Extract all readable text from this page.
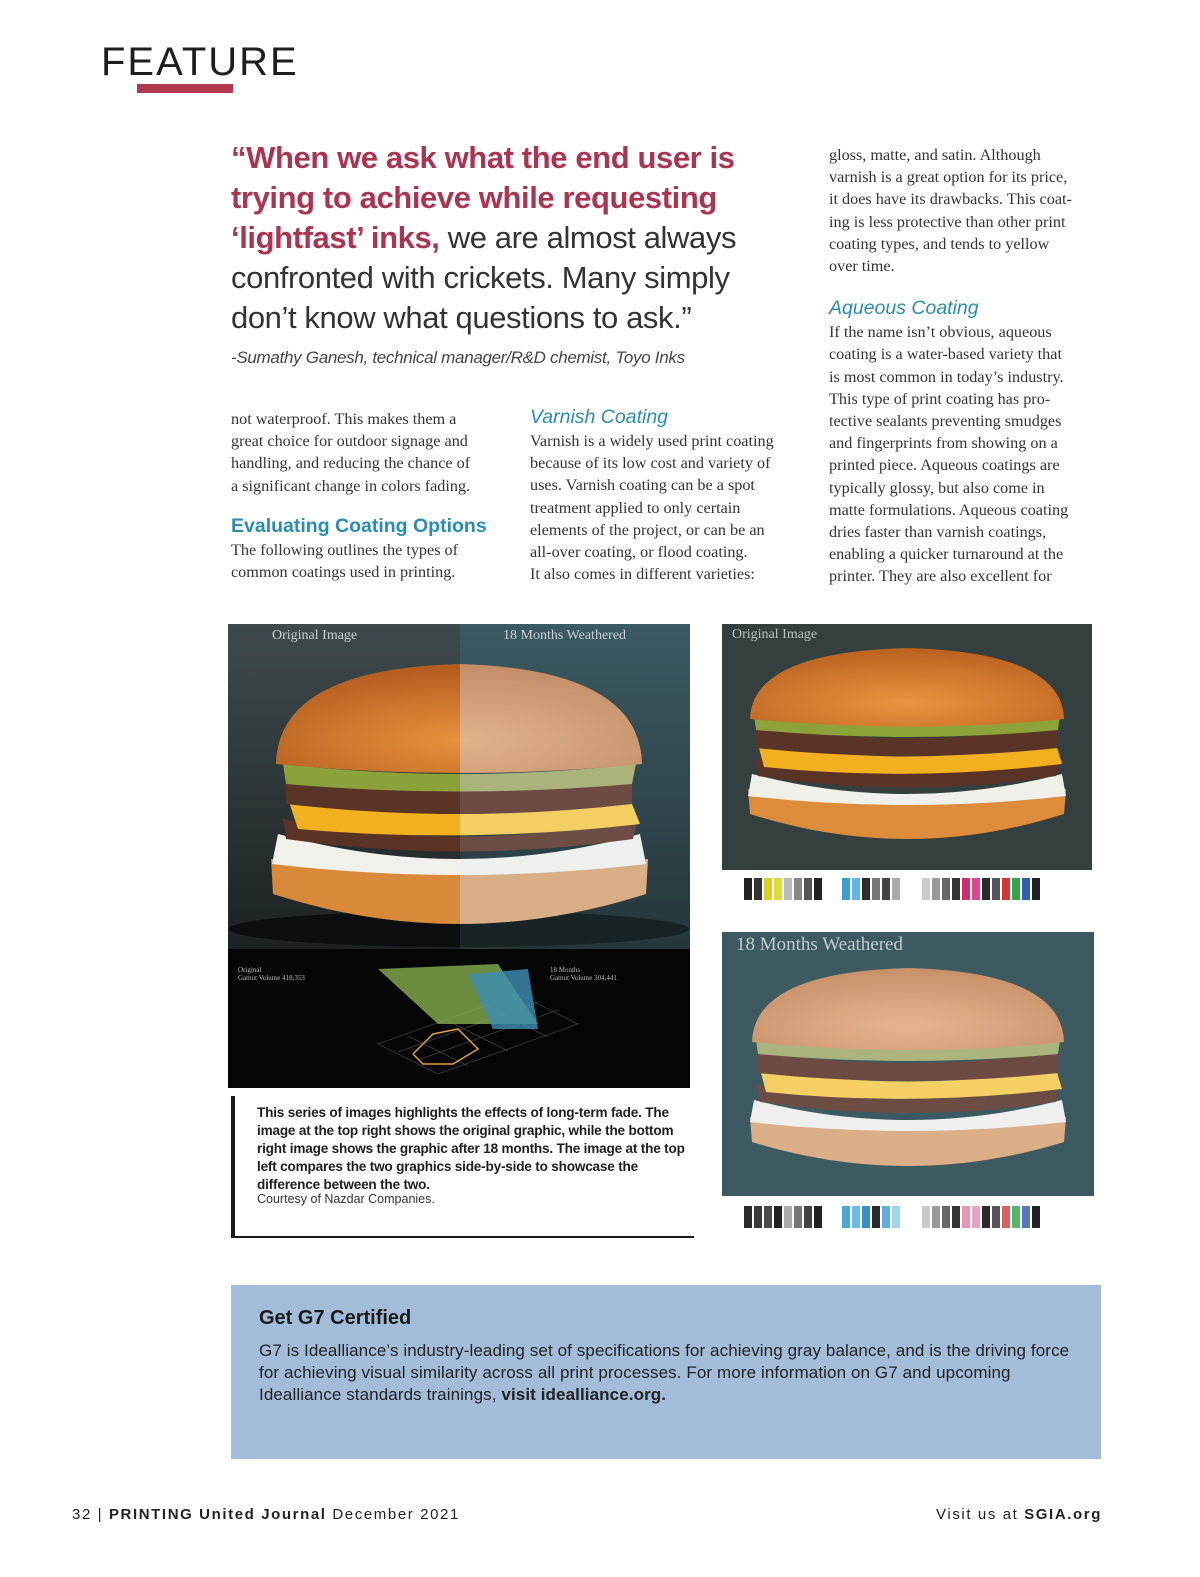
FEATURE
“When we ask what the end user is trying to achieve while requesting ‘lightfast’ inks, we are almost always confronted with crickets. Many simply don’t know what questions to ask.”
-Sumathy Ganesh, technical manager/R&D chemist, Toyo Inks

not waterproof. This makes them a

great choice for outdoor signage and

handling, and reducing the chance of

a significant change in colors fading.

Evaluating Coating Options

The following outlines the types of

common coatings used in printing.

Varnish Coating

Varnish is a widely used print coating

because of its low cost and variety of

uses. Varnish coating can be a spot

treatment applied to only certain

elements of the project, or can be an

all-over coating, or flood coating.

It also comes in different varieties:

gloss, matte, and satin. Although

varnish is a great option for its price,

it does have its drawbacks. This coat-

ing is less protective than other print

coating types, and tends to yellow

over time.

Aqueous Coating

If the name isn’t obvious, aqueous

coating is a water-based variety that

is most common in today’s industry.

This type of print coating has pro-

tective sealants preventing smudges

and fingerprints from showing on a

printed piece. Aqueous coatings are

typically glossy, but also come in

matte formulations. Aqueous coating

dries faster than varnish coatings,

enabling a quicker turnaround at the

printer. They are also excellent for

Original Image	18 Months Weathered
Original
Gamut Volume 418,353
18 Months
Gamut Volume 304,441
Original Image
18 Months Weathered
This series of images highlights the effects of long-term fade. The image at the top right shows the original graphic, while the bottom right image shows the graphic after 18 months. The image at the top left compares the two graphics side-by-side to showcase the difference between the two.
Courtesy of Nazdar Companies.
Get G7 Certified
G7 is Idealliance’s industry-leading set of specifications for achieving gray balance, and is the driving force for achieving visual similarity across all print processes. For more information on G7 and upcoming Idealliance standards trainings, visit idealliance.org.
32 | PRINTING United Journal December 2021	Visit us at SGIA.org
